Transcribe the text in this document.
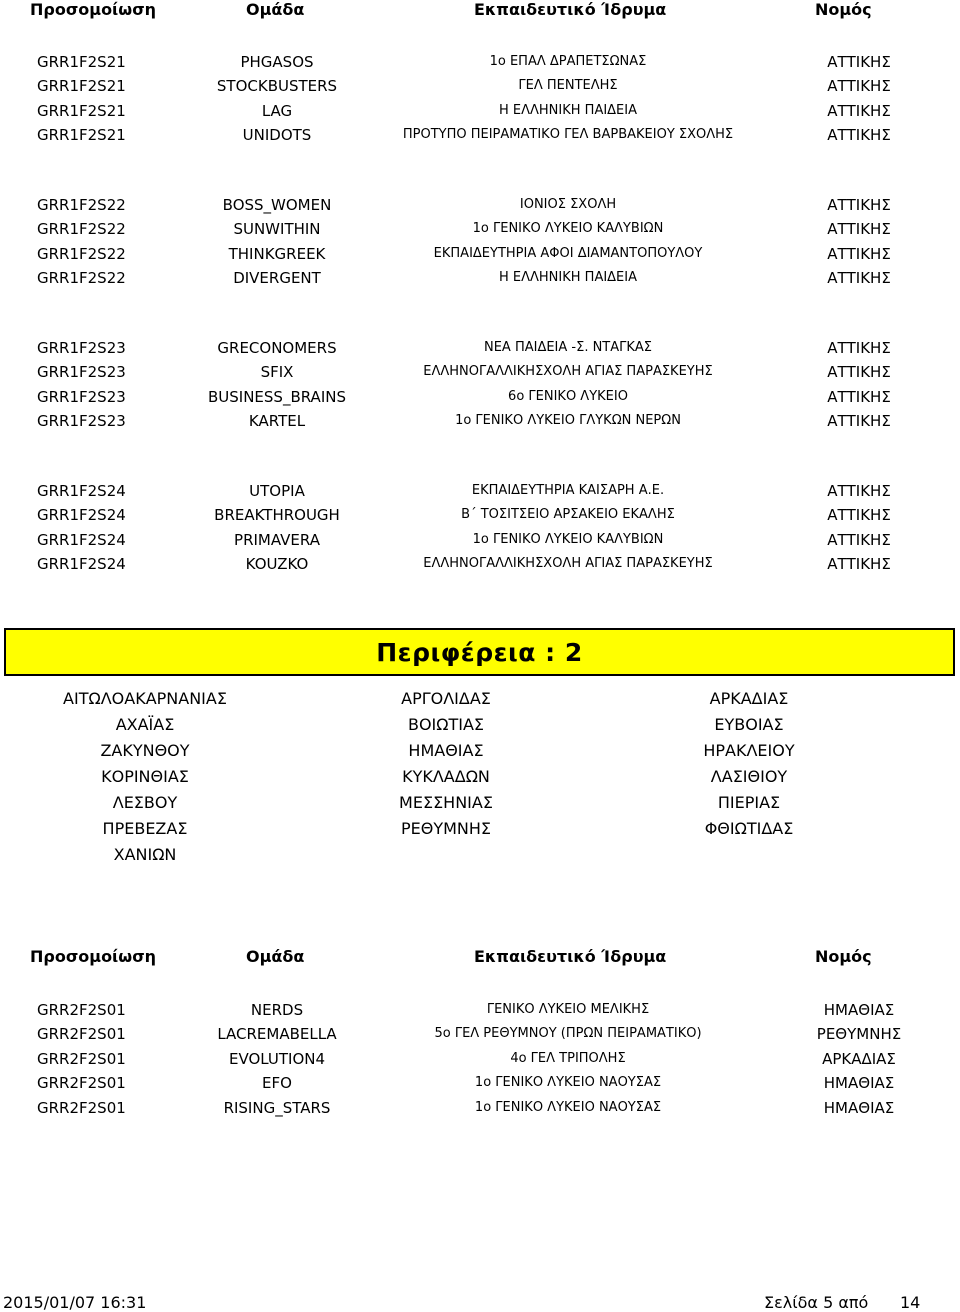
Προσομοίωση	Ομάδα	Εκπαιδευτικό Ίδρυμα	Νομός
GRR1F2S21	PHGASOS	1ο ΕΠΑΛ ΔΡΑΠΕΤΣΩΝΑΣ	ΑΤΤΙΚΗΣ
GRR1F2S21	STOCKBUSTERS	ΓΕΛ ΠΕΝΤΕΛΗΣ	ΑΤΤΙΚΗΣ
GRR1F2S21	LAG	Η ΕΛΛΗΝΙΚΗ ΠΑΙΔΕΙΑ	ΑΤΤΙΚΗΣ
GRR1F2S21	UNIDOTS	ΠΡΟΤΥΠΟ ΠΕΙΡΑΜΑΤΙΚΟ ΓΕΛ ΒΑΡΒΑΚΕΙΟΥ ΣΧΟΛΗΣ	ΑΤΤΙΚΗΣ
GRR1F2S22	BOSS_WOMEN	ΙΟΝΙΟΣ ΣΧΟΛΗ	ΑΤΤΙΚΗΣ
GRR1F2S22	SUNWITHIN	1ο ΓΕΝΙΚΟ ΛΥΚΕΙΟ ΚΑΛΥΒΙΩΝ	ΑΤΤΙΚΗΣ
GRR1F2S22	THINKGREEK	ΕΚΠΑΙΔΕΥΤΗΡΙΑ ΑΦΟΙ ΔΙΑΜΑΝΤΟΠΟΥΛΟΥ	ΑΤΤΙΚΗΣ
GRR1F2S22	DIVERGENT	Η ΕΛΛΗΝΙΚΗ ΠΑΙΔΕΙΑ	ΑΤΤΙΚΗΣ
GRR1F2S23	GRECONOMERS	ΝΕΑ ΠΑΙΔΕΙΑ -Σ. ΝΤΑΓΚΑΣ	ΑΤΤΙΚΗΣ
GRR1F2S23	SFIX	ΕΛΛΗΝΟΓΑΛΛΙΚΗΣΧΟΛΗ ΑΓΙΑΣ ΠΑΡΑΣΚΕΥΗΣ	ΑΤΤΙΚΗΣ
GRR1F2S23	BUSINESS_BRAINS	6ο ΓΕΝΙΚΟ ΛΥΚΕΙΟ	ΑΤΤΙΚΗΣ
GRR1F2S23	KARTEL	1ο ΓΕΝΙΚΟ ΛΥΚΕΙΟ ΓΛΥΚΩΝ ΝΕΡΩΝ	ΑΤΤΙΚΗΣ
GRR1F2S24	UTOPIA	ΕΚΠΑΙΔΕΥΤΗΡΙΑ ΚΑΙΣΑΡΗ Α.Ε.	ΑΤΤΙΚΗΣ
GRR1F2S24	BREAKTHROUGH	Β΄ ΤΟΣΙΤΣΕΙΟ ΑΡΣΑΚΕΙΟ ΕΚΑΛΗΣ	ΑΤΤΙΚΗΣ
GRR1F2S24	PRIMAVERA	1ο ΓΕΝΙΚΟ ΛΥΚΕΙΟ ΚΑΛΥΒΙΩΝ	ΑΤΤΙΚΗΣ
GRR1F2S24	KOUZKO	ΕΛΛΗΝΟΓΑΛΛΙΚΗΣΧΟΛΗ ΑΓΙΑΣ ΠΑΡΑΣΚΕΥΗΣ	ΑΤΤΙΚΗΣ
Περιφέρεια : 2
ΑΙΤΩΛΟΑΚΑΡΝΑΝΙΑΣ	ΑΡΓΟΛΙΔΑΣ	ΑΡΚΑΔΙΑΣ
ΑΧΑΪΑΣ	ΒΟΙΩΤΙΑΣ	ΕΥΒΟΙΑΣ
ΖΑΚΥΝΘΟΥ	ΗΜΑΘΙΑΣ	ΗΡΑΚΛΕΙΟΥ
ΚΟΡΙΝΘΙΑΣ	ΚΥΚΛΑΔΩΝ	ΛΑΣΙΘΙΟΥ
ΛΕΣΒΟΥ	ΜΕΣΣΗΝΙΑΣ	ΠΙΕΡΙΑΣ
ΠΡΕΒΕΖΑΣ	ΡΕΘΥΜΝΗΣ	ΦΘΙΩΤΙΔΑΣ
ΧΑΝΙΩΝ
Προσομοίωση	Ομάδα	Εκπαιδευτικό Ίδρυμα	Νομός
GRR2F2S01	NERDS	ΓΕΝΙΚΟ ΛΥΚΕΙΟ ΜΕΛΙΚΗΣ	ΗΜΑΘΙΑΣ
GRR2F2S01	LACREMABELLA	5ο ΓΕΛ ΡΕΘΥΜΝΟΥ (ΠΡΩΝ ΠΕΙΡΑΜΑΤΙΚΟ)	ΡΕΘΥΜΝΗΣ
GRR2F2S01	EVOLUTION4	4ο ΓΕΛ ΤΡΙΠΟΛΗΣ	ΑΡΚΑΔΙΑΣ
GRR2F2S01	EFO	1ο ΓΕΝΙΚΟ ΛΥΚΕΙΟ ΝΑΟΥΣΑΣ	ΗΜΑΘΙΑΣ
GRR2F2S01	RISING_STARS	1ο ΓΕΝΙΚΟ ΛΥΚΕΙΟ ΝΑΟΥΣΑΣ	ΗΜΑΘΙΑΣ
2015/01/07 16:31	Σελίδα 5 από 14
